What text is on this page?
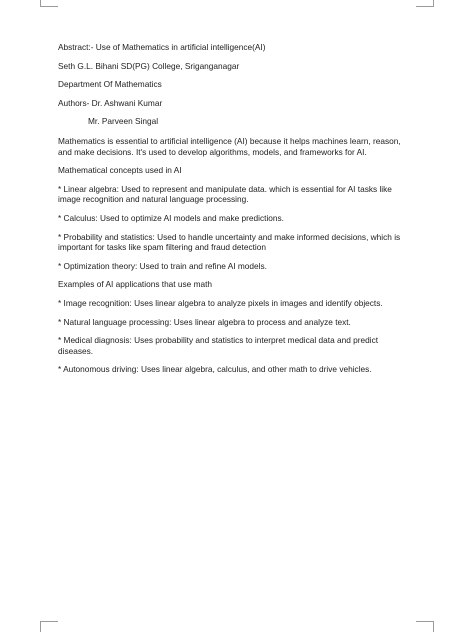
Abstract:- Use of Mathematics in artificial intelligence(AI)

Seth G.L. Bihani SD(PG) College, Sriganganagar

Department Of Mathematics

Authors- Dr. Ashwani Kumar

Mr. Parveen Singal

Mathematics is essential to artificial intelligence (AI) because it helps machines learn, reason, and make decisions. It's used to develop algorithms, models, and frameworks for AI.

Mathematical concepts used in AI

* Linear algebra: Used to represent and manipulate data. which is essential for AI tasks like image recognition and natural language processing.

* Calculus: Used to optimize AI models and make predictions.

* Probability and statistics: Used to handle uncertainty and make informed decisions, which is important for tasks like spam filtering and fraud detection

* Optimization theory: Used to train and refine AI models.

Examples of AI applications that use math

* Image recognition: Uses linear algebra to analyze pixels in images and identify objects.

* Natural language processing: Uses linear algebra to process and analyze text.

* Medical diagnosis: Uses probability and statistics to interpret medical data and predict diseases.

* Autonomous driving: Uses linear algebra, calculus, and other math to drive vehicles.
